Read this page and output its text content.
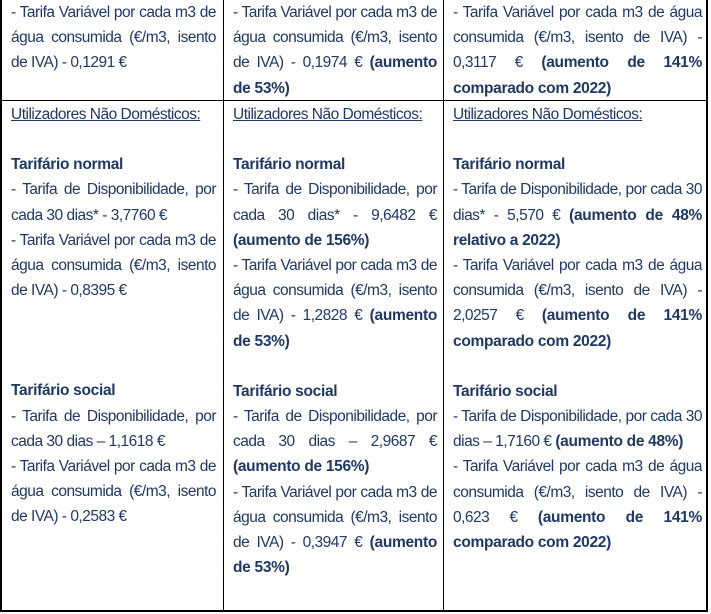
- Tarifa Variável por cada m3 de água consumida (€/m3, isento de IVA) - 0,1291 €

Utilizadores Não Domésticos:

Tarifário normal

- Tarifa de Disponibilidade, por cada 30 dias* - 3,7760 €

- Tarifa Variável por cada m3 de água consumida (€/m3, isento de IVA) - 0,8395 €

Tarifário social

- Tarifa de Disponibilidade, por cada 30 dias – 1,1618 €

- Tarifa Variável por cada m3 de água consumida (€/m3, isento de IVA) - 0,2583 €

- Tarifa Variável por cada m3 de água consumida (€/m3, isento de IVA) - 0,1974 € (aumento de 53%)

Utilizadores Não Domésticos:

Tarifário normal

- Tarifa de Disponibilidade, por cada 30 dias* - 9,6482 € (aumento de 156%)

- Tarifa Variável por cada m3 de água consumida (€/m3, isento de IVA) - 1,2828 € (aumento de 53%)

Tarifário social

- Tarifa de Disponibilidade, por cada 30 dias – 2,9687 € (aumento de 156%)

- Tarifa Variável por cada m3 de água consumida (€/m3, isento de IVA) - 0,3947 € (aumento de 53%)

- Tarifa Variável por cada m3 de água consumida (€/m3, isento de IVA) - 0,3117 € (aumento de 141% comparado com 2022)

Utilizadores Não Domésticos:

Tarifário normal

- Tarifa de Disponibilidade, por cada 30 dias* - 5,570 € (aumento de 48% relativo a 2022)

- Tarifa Variável por cada m3 de água consumida (€/m3, isento de IVA) - 2,0257 € (aumento de 141% comparado com 2022)

Tarifário social

- Tarifa de Disponibilidade, por cada 30 dias – 1,7160 € (aumento de 48%)

- Tarifa Variável por cada m3 de água consumida (€/m3, isento de IVA) - 0,623 € (aumento de 141% comparado com 2022)
